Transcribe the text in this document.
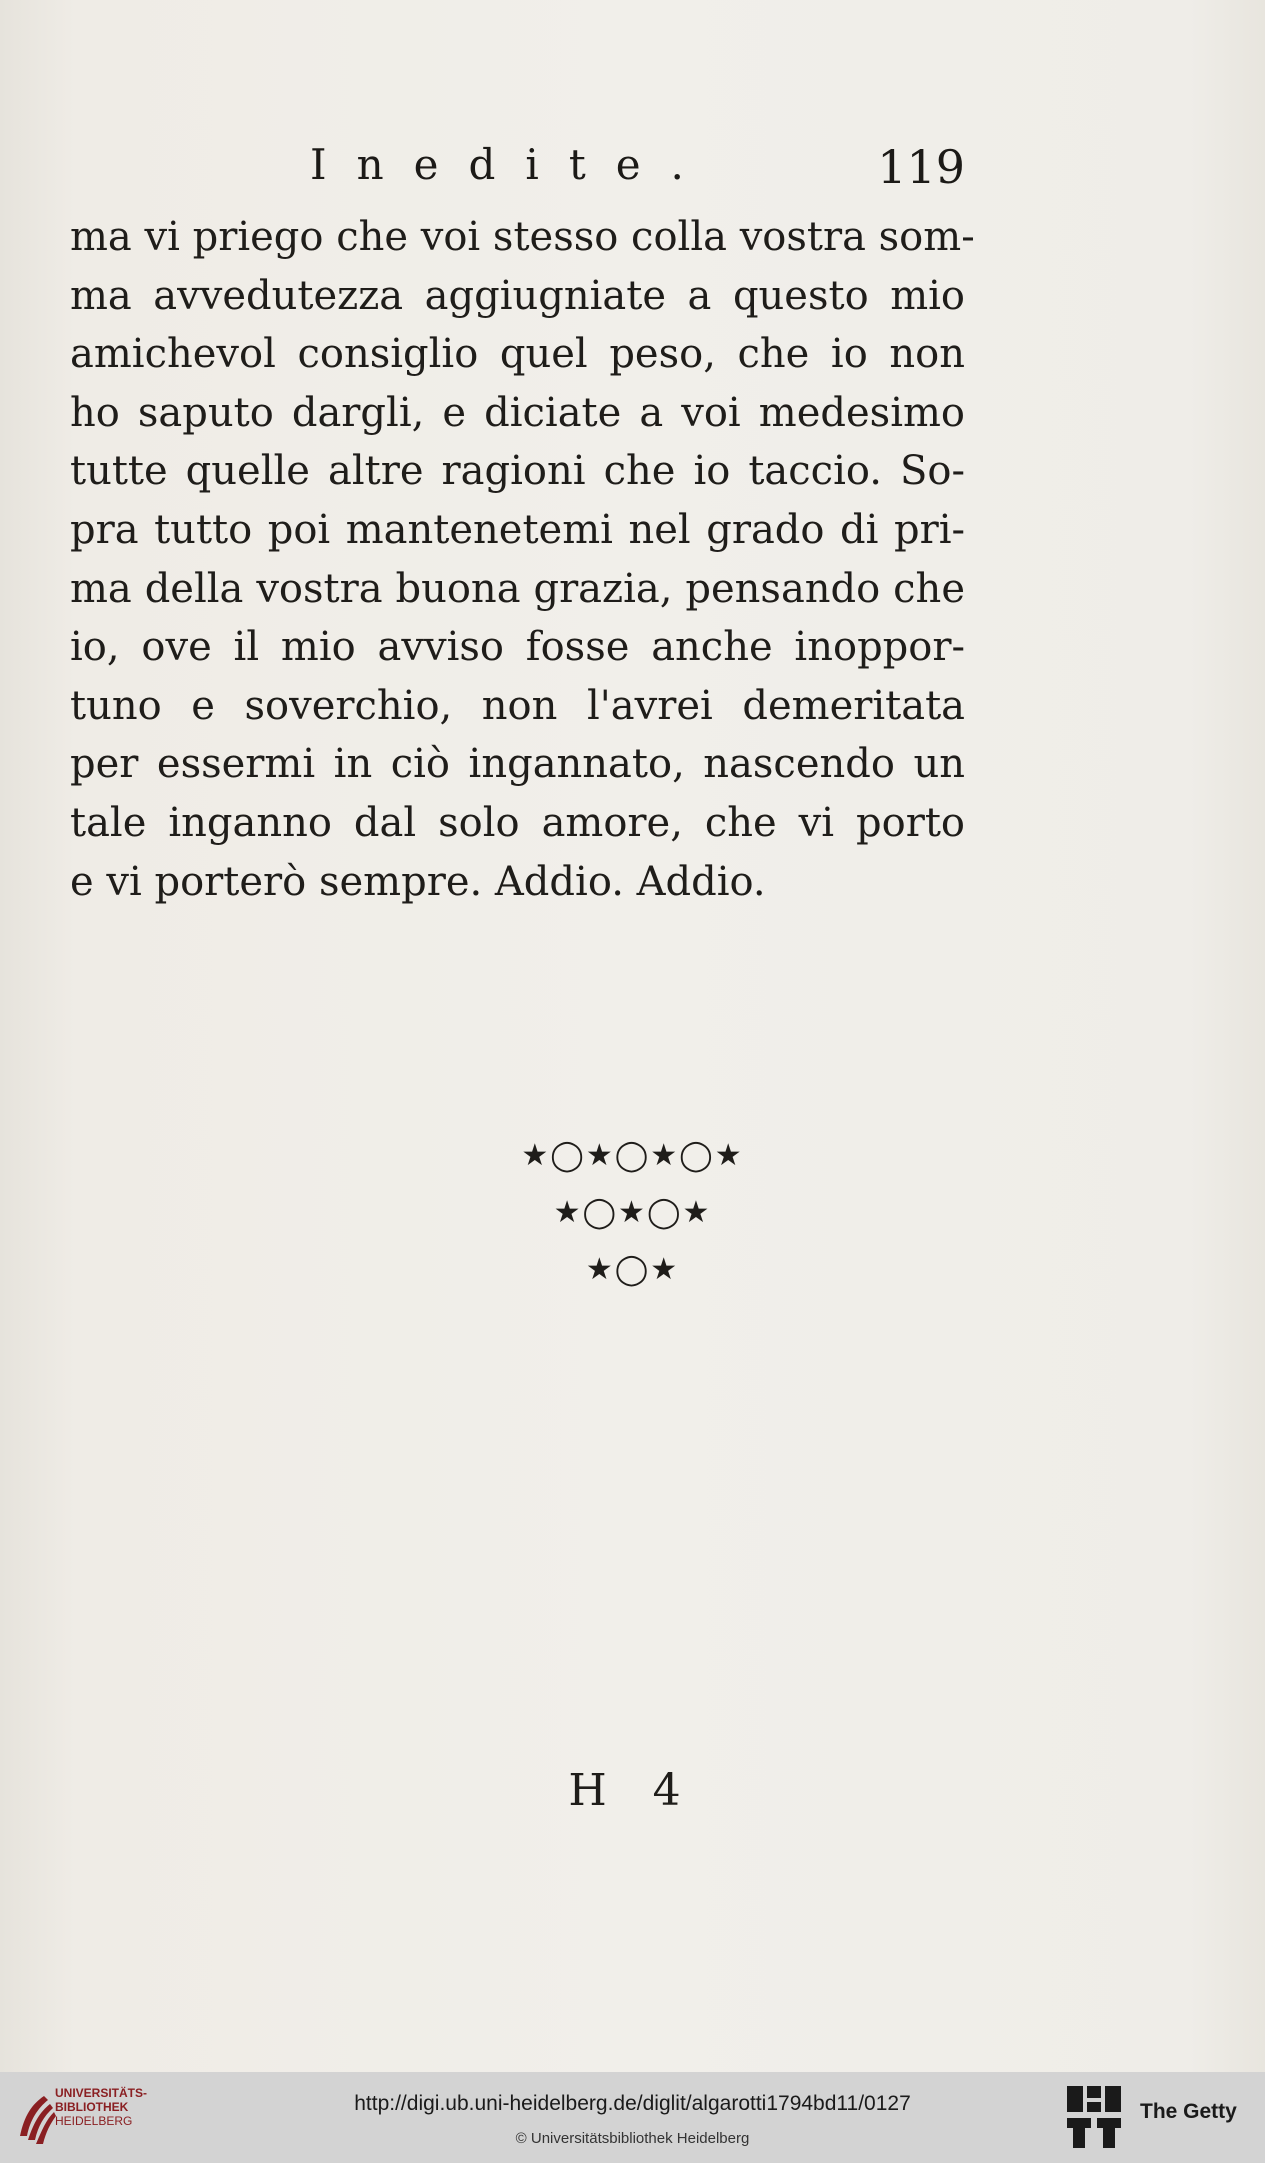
Inedite.	119
ma vi priego che voi stesso colla vostra som-
ma avvedutezza aggiugniate a questo mio
amichevol consiglio quel peso, che io non
ho saputo dargli, e diciate a voi medesimo
tutte quelle altre ragioni che io taccio. So-
pra tutto poi mantenetemi nel grado di pri-
ma della vostra buona grazia, pensando che
io, ove il mio avviso fosse anche inoppor-
tuno e soverchio, non l'avrei demeritata
per essermi in ciò ingannato, nascendo un
tale inganno dal solo amore, che vi porto
e vi porterò sempre. Addio. Addio.
★◯★◯★◯★
★◯★◯★
★◯★
H 4
UNIVERSITÄTS-
BIBLIOTHEK
HEIDELBERG
http://digi.ub.uni-heidelberg.de/diglit/algarotti1794bd11/0127
© Universitätsbibliothek Heidelberg
The Getty
